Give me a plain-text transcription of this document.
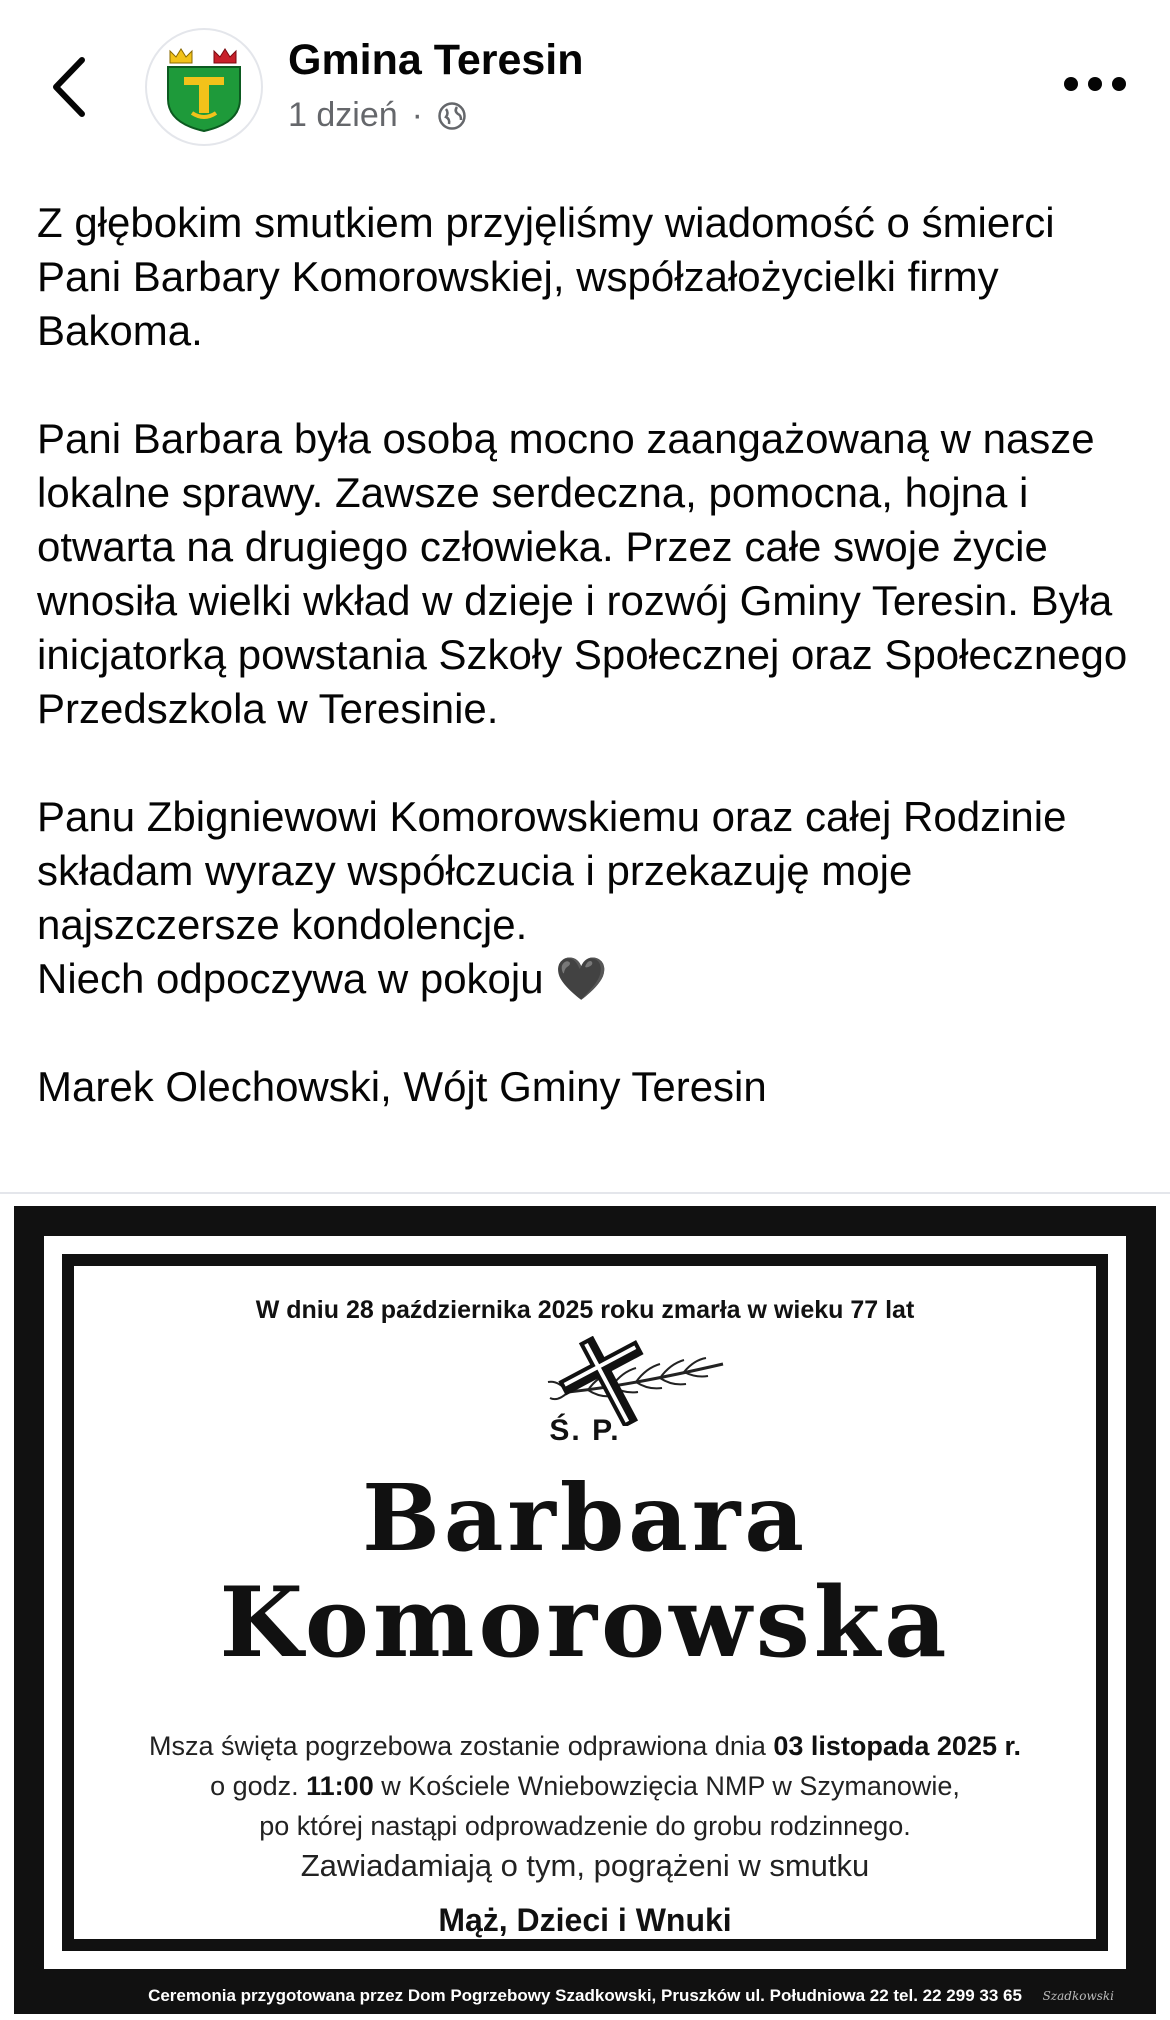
Gmina Teresin
1 dzień ·
Z głębokim smutkiem przyjęliśmy wiadomość o śmierci Pani Barbary Komorowskiej, współzałożycielki firmy Bakoma.

Pani Barbara była osobą mocno zaangażowaną w nasze lokalne sprawy. Zawsze serdeczna, pomocna, hojna i otwarta na drugiego człowieka. Przez całe swoje życie wnosiła wielki wkład w dzieje i rozwój Gminy Teresin. Była inicjatorką powstania Szkoły Społecznej oraz Społecznego Przedszkola w Teresinie.

Panu Zbigniewowi Komorowskiemu oraz całej Rodzinie składam wyrazy współczucia i przekazuję moje najszczersze kondolencje.
Niech odpoczywa w pokoju 🖤

Marek Olechowski, Wójt Gminy Teresin
W dniu 28 października 2025 roku zmarła w wieku 77 lat
Ś. P.
Barbara
Komorowska
Msza święta pogrzebowa zostanie odprawiona dnia 03 listopada 2025 r.
o godz. 11:00 w Kościele Wniebowzięcia NMP w Szymanowie,
po której nastąpi odprowadzenie do grobu rodzinnego.
Zawiadamiają o tym, pogrążeni w smutku
Mąż, Dzieci i Wnuki
Ceremonia przygotowana przez Dom Pogrzebowy Szadkowski, Pruszków ul. Południowa 22 tel. 22 299 33 65	Szadkowski
